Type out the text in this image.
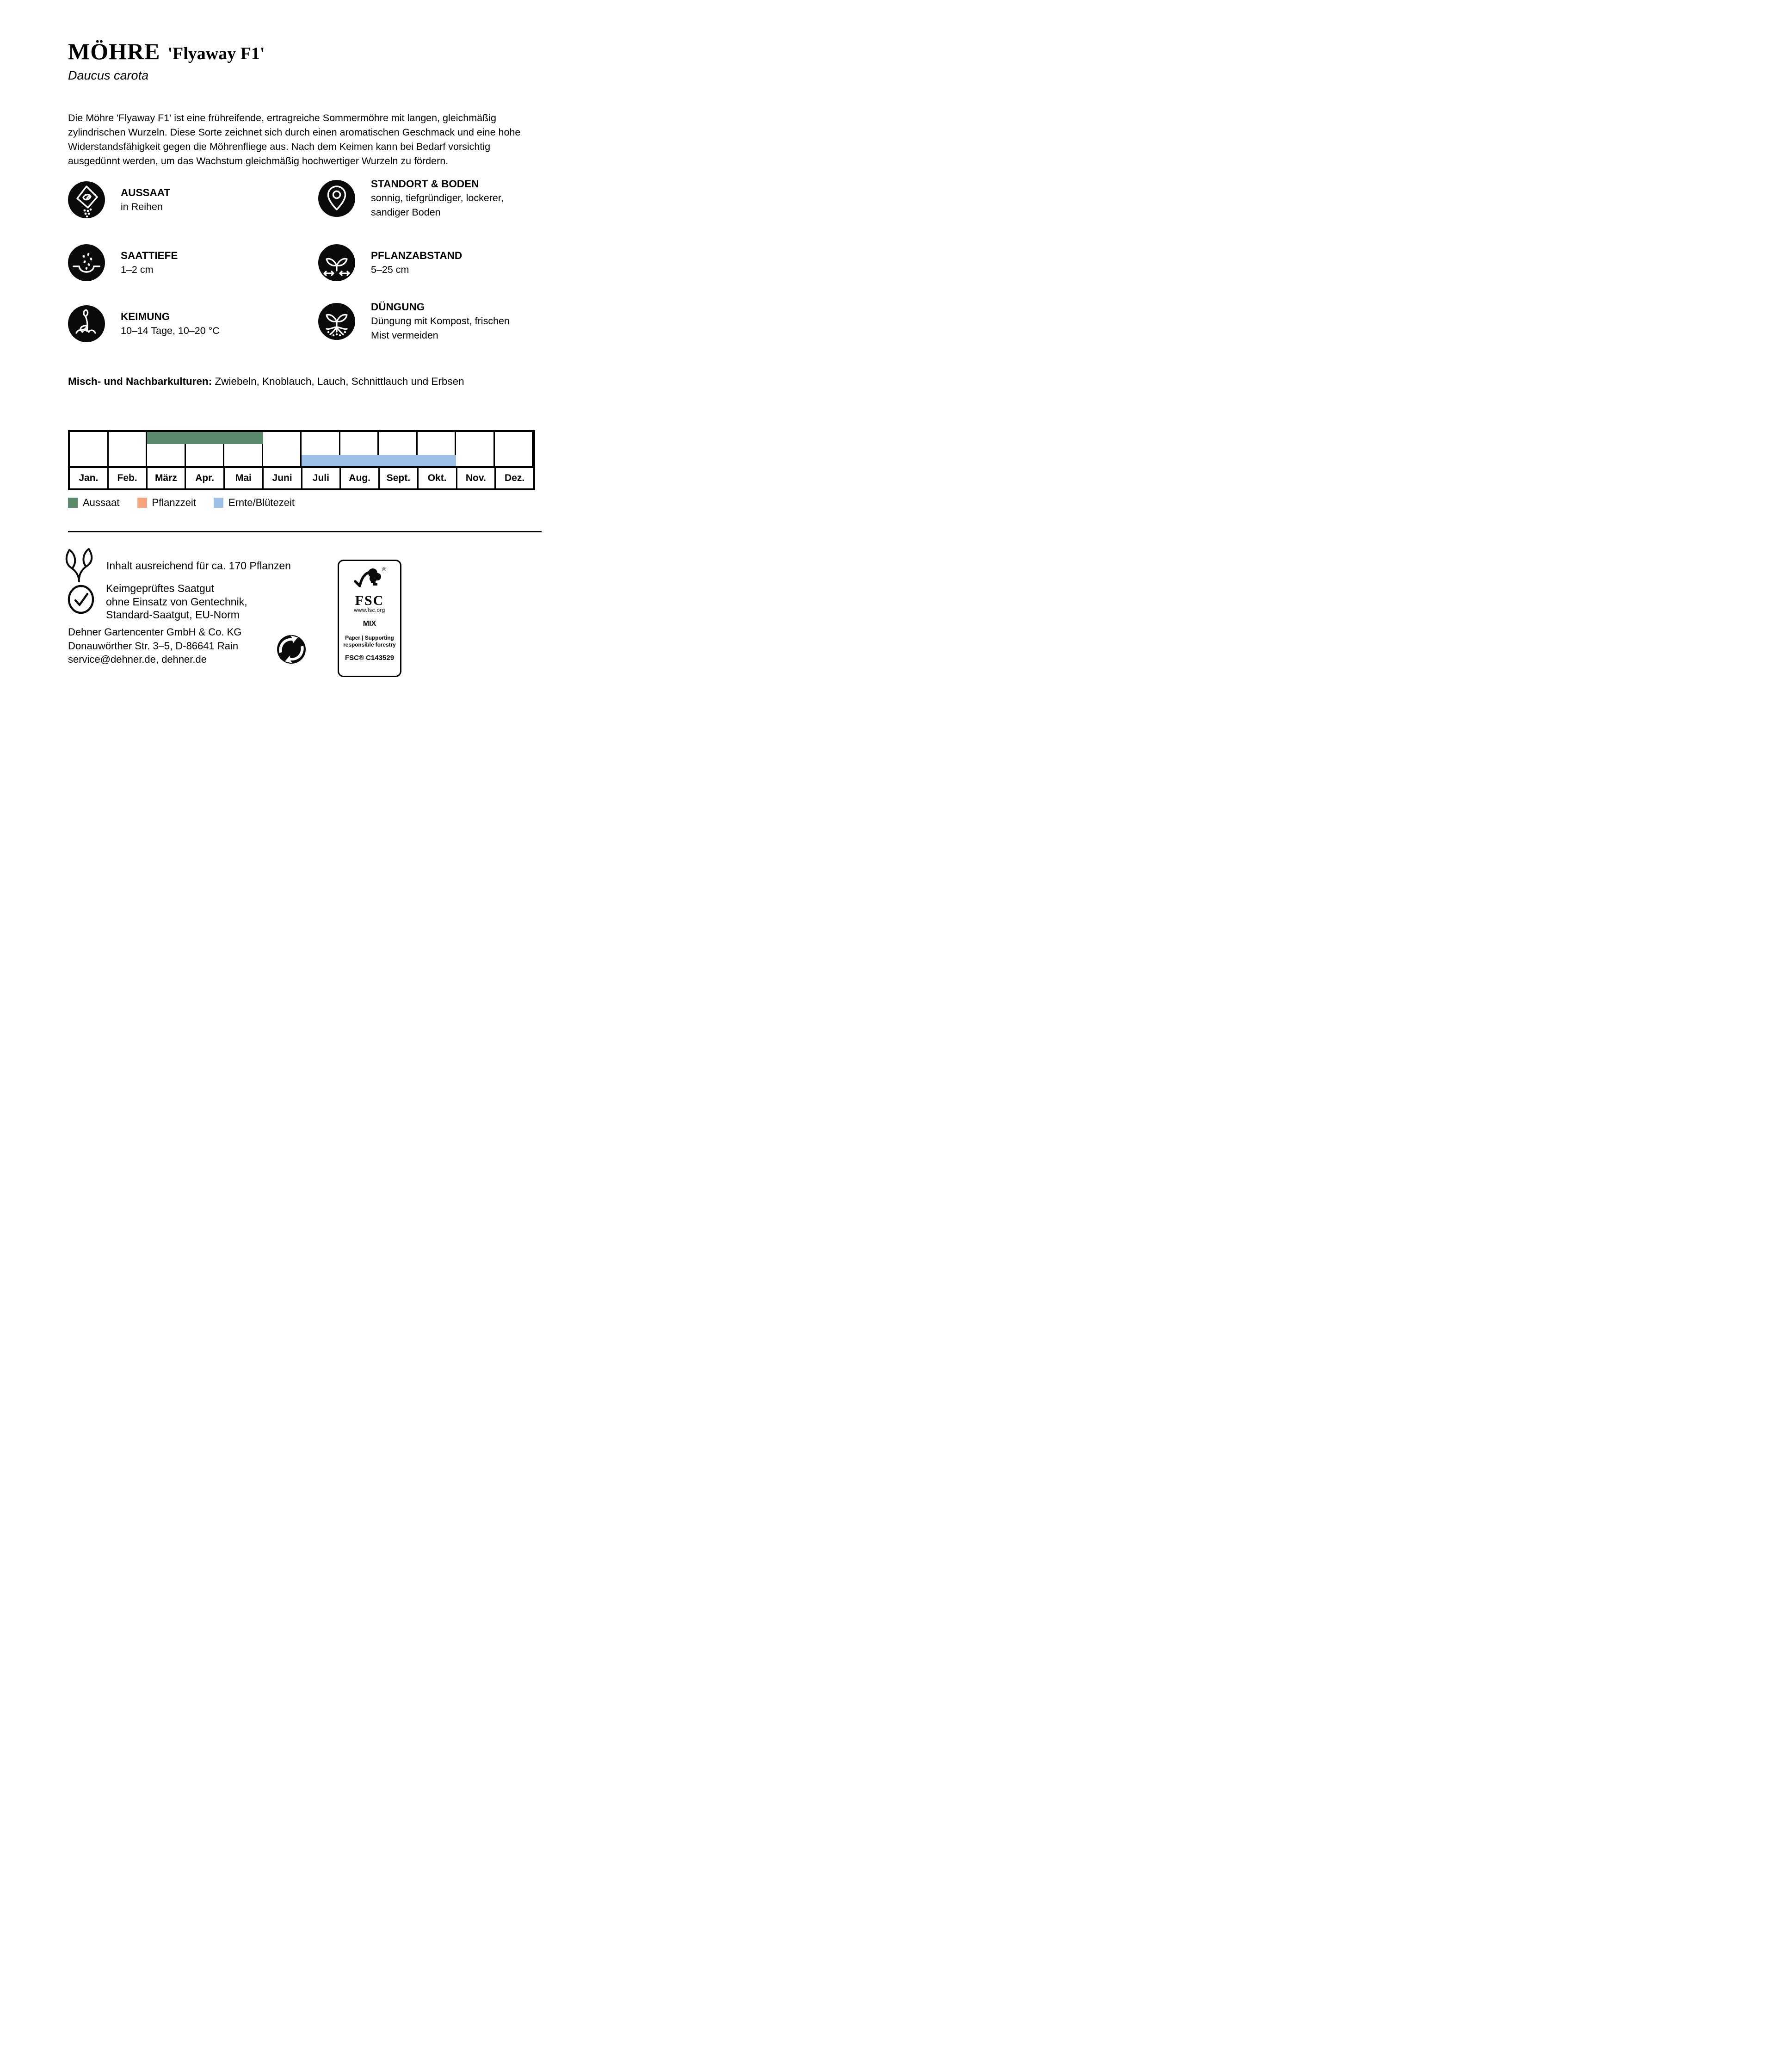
MÖHRE 'Flyaway F1'
Daucus carota

Die Möhre 'Flyaway F1' ist eine frühreifende, ertragreiche Sommermöhre mit langen, gleichmäßig zylindrischen Wurzeln. Diese Sorte zeichnet sich durch einen aromatischen Geschmack und eine hohe Widerstandsfähigkeit gegen die Möhrenfliege aus. Nach dem Keimen kann bei Bedarf vorsichtig ausgedünnt werden, um das Wachstum gleichmäßig hochwertiger Wurzeln zu fördern.

AUSSAAT
in Reihen
SAATTIEFE
1–2 cm
KEIMUNG
10–14 Tage, 10–20 °C
STANDORT & BODEN
sonnig, tiefgründiger, lockerer, sandiger Boden
PFLANZABSTAND
5–25 cm
DÜNGUNG
Düngung mit Kompost, frischen Mist vermeiden
Misch- und Nachbarkulturen: Zwiebeln, Knoblauch, Lauch, Schnittlauch und Erbsen
Jan.	Feb.	März	Apr.	Mai	Juni	Juli	Aug.	Sept.	Okt.	Nov.	Dez.
Aussaat	Pflanzzeit	Ernte/Blütezeit
Inhalt ausreichend für ca. 170 Pflanzen
Keimgeprüftes Saatgut
ohne Einsatz von Gentechnik,
Standard-Saatgut, EU-Norm
Dehner Gartencenter GmbH & Co. KG
Donauwörther Str. 3–5, D-86641 Rain
service@dehner.de, dehner.de
®
FSC
www.fsc.org
MIX
Paper | Supporting
responsible forestry
FSC® C143529
